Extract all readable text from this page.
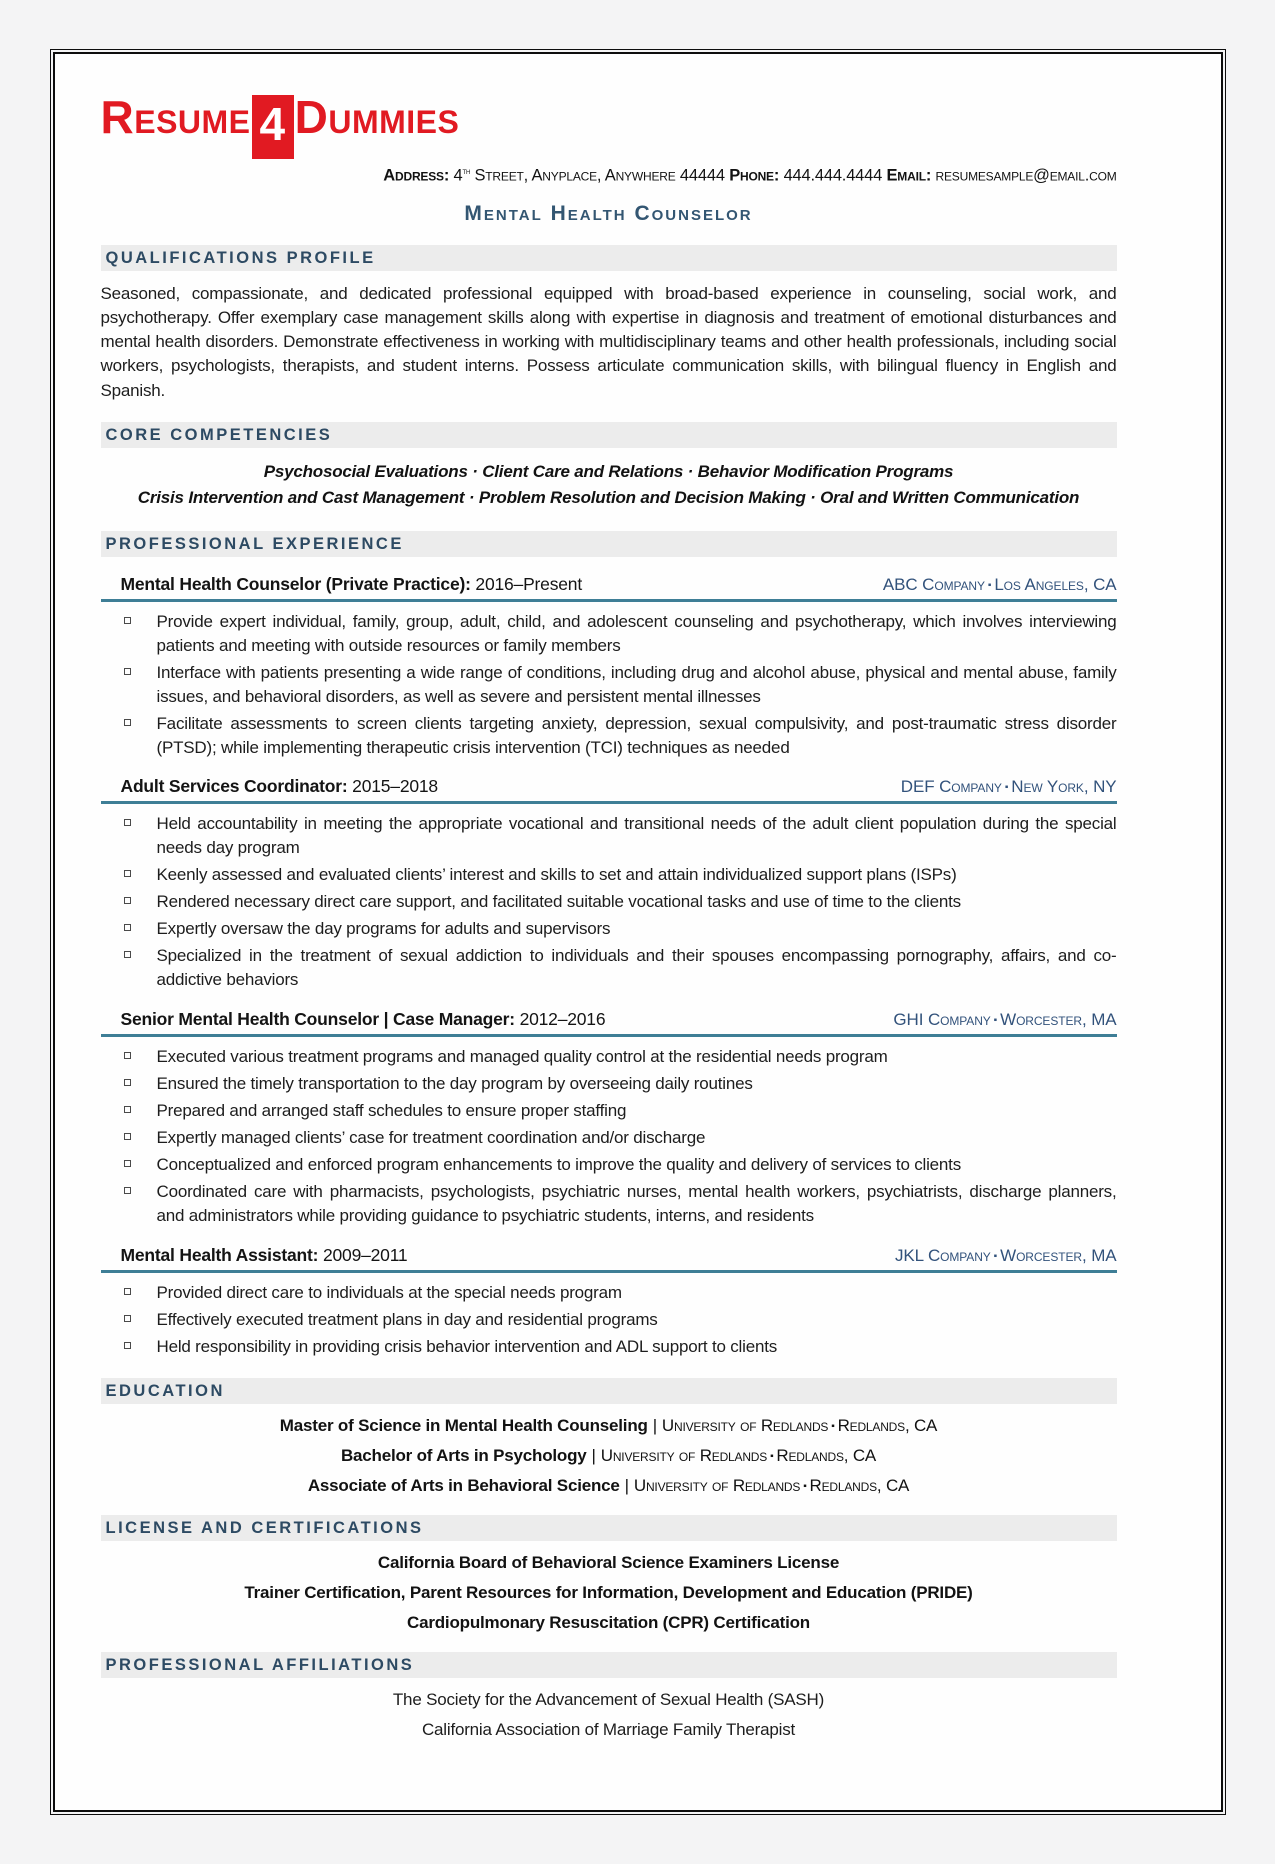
Resume 4 Dummies
Address: 4th Street, Anyplace, Anywhere 44444 Phone: 444.444.4444 Email: resumesample@email.com
Mental Health Counselor
QUALIFICATIONS PROFILE

Seasoned, compassionate, and dedicated professional equipped with broad-based experience in counseling, social work, and psychotherapy. Offer exemplary case management skills along with expertise in diagnosis and treatment of emotional disturbances and mental health disorders. Demonstrate effectiveness in working with multidisciplinary teams and other health professionals, including social workers, psychologists, therapists, and student interns. Possess articulate communication skills, with bilingual fluency in English and Spanish.

CORE COMPETENCIES
Psychosocial Evaluations · Client Care and Relations · Behavior Modification Programs
Crisis Intervention and Cast Management · Problem Resolution and Decision Making · Oral and Written Communication
PROFESSIONAL EXPERIENCE
Mental Health Counselor (Private Practice): 2016–Present	ABC Company ▪ Los Angeles, CA
Provide expert individual, family, group, adult, child, and adolescent counseling and psychotherapy, which involves interviewing patients and meeting with outside resources or family members
Interface with patients presenting a wide range of conditions, including drug and alcohol abuse, physical and mental abuse, family issues, and behavioral disorders, as well as severe and persistent mental illnesses
Facilitate assessments to screen clients targeting anxiety, depression, sexual compulsivity, and post-traumatic stress disorder (PTSD); while implementing therapeutic crisis intervention (TCI) techniques as needed
Adult Services Coordinator: 2015–2018	DEF Company ▪ New York, NY
Held accountability in meeting the appropriate vocational and transitional needs of the adult client population during the special needs day program
Keenly assessed and evaluated clients’ interest and skills to set and attain individualized support plans (ISPs)
Rendered necessary direct care support, and facilitated suitable vocational tasks and use of time to the clients
Expertly oversaw the day programs for adults and supervisors
Specialized in the treatment of sexual addiction to individuals and their spouses encompassing pornography, affairs, and co-addictive behaviors
Senior Mental Health Counselor | Case Manager: 2012–2016	GHI Company ▪ Worcester, MA
Executed various treatment programs and managed quality control at the residential needs program
Ensured the timely transportation to the day program by overseeing daily routines
Prepared and arranged staff schedules to ensure proper staffing
Expertly managed clients’ case for treatment coordination and/or discharge
Conceptualized and enforced program enhancements to improve the quality and delivery of services to clients
Coordinated care with pharmacists, psychologists, psychiatric nurses, mental health workers, psychiatrists, discharge planners, and administrators while providing guidance to psychiatric students, interns, and residents
Mental Health Assistant: 2009–2011	JKL Company ▪ Worcester, MA
Provided direct care to individuals at the special needs program
Effectively executed treatment plans in day and residential programs
Held responsibility in providing crisis behavior intervention and ADL support to clients
EDUCATION
Master of Science in Mental Health Counseling | University of Redlands ▪ Redlands, CA
Bachelor of Arts in Psychology | University of Redlands ▪ Redlands, CA
Associate of Arts in Behavioral Science | University of Redlands ▪ Redlands, CA
LICENSE AND CERTIFICATIONS
California Board of Behavioral Science Examiners License
Trainer Certification, Parent Resources for Information, Development and Education (PRIDE)
Cardiopulmonary Resuscitation (CPR) Certification
PROFESSIONAL AFFILIATIONS
The Society for the Advancement of Sexual Health (SASH)
California Association of Marriage Family Therapist
